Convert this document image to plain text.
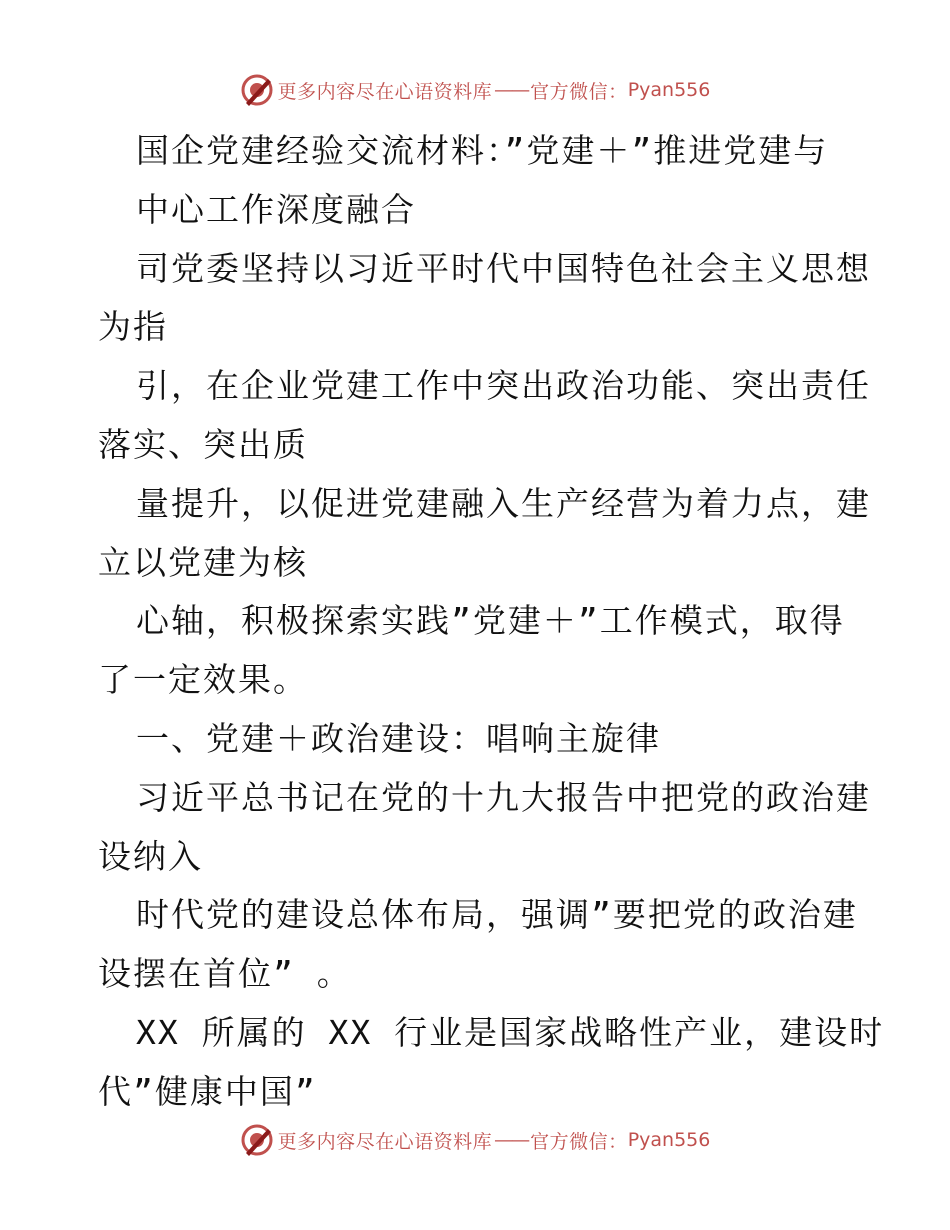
更多内容尽在心语资料库 —— 官方微信： Pyan556
国企党建经验交流材料：”党建＋”推进党建与
中心工作深度融合
司党委坚持以习近平时代中国特色社会主义思想
为指
引，在企业党建工作中突出政治功能、突出责任
落实、突出质
量提升，以促进党建融入生产经营为着力点，建
立以党建为核
心轴，积极探索实践”党建＋”工作模式，取得
了一定效果。
一、党建＋政治建设：唱响主旋律
习近平总书记在党的十九大报告中把党的政治建
设纳入
时代党的建设总体布局，强调”要把党的政治建
设摆在首位” 。
XX 所属的 XX 行业是国家战略性产业，建设时
代”健康中国”
更多内容尽在心语资料库 —— 官方微信： Pyan556
